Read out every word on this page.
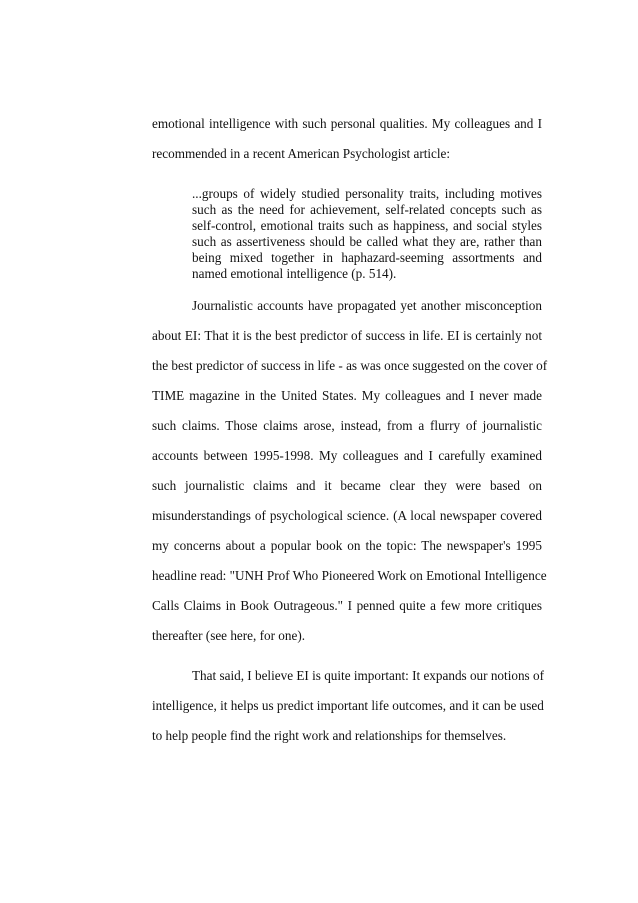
emotional intelligence with such personal qualities. My colleagues and I

recommended in a recent American Psychologist article:

...groups of widely studied personality traits, including motives

such as the need for achievement, self-related concepts such as

self-control, emotional traits such as happiness, and social styles

such as assertiveness should be called what they are, rather than

being mixed together in haphazard-seeming assortments and

named emotional intelligence (p. 514).

Journalistic accounts have propagated yet another misconception

about EI: That it is the best predictor of success in life. EI is certainly not

the best predictor of success in life - as was once suggested on the cover of

TIME magazine in the United States. My colleagues and I never made

such claims. Those claims arose, instead, from a flurry of journalistic

accounts between 1995-1998. My colleagues and I carefully examined

such journalistic claims and it became clear they were based on

misunderstandings of psychological science. (A local newspaper covered

my concerns about a popular book on the topic: The newspaper's 1995

headline read: "UNH Prof Who Pioneered Work on Emotional Intelligence

Calls Claims in Book Outrageous." I penned quite a few more critiques

thereafter (see here, for one).

That said, I believe EI is quite important: It expands our notions of

intelligence, it helps us predict important life outcomes, and it can be used

to help people find the right work and relationships for themselves.
